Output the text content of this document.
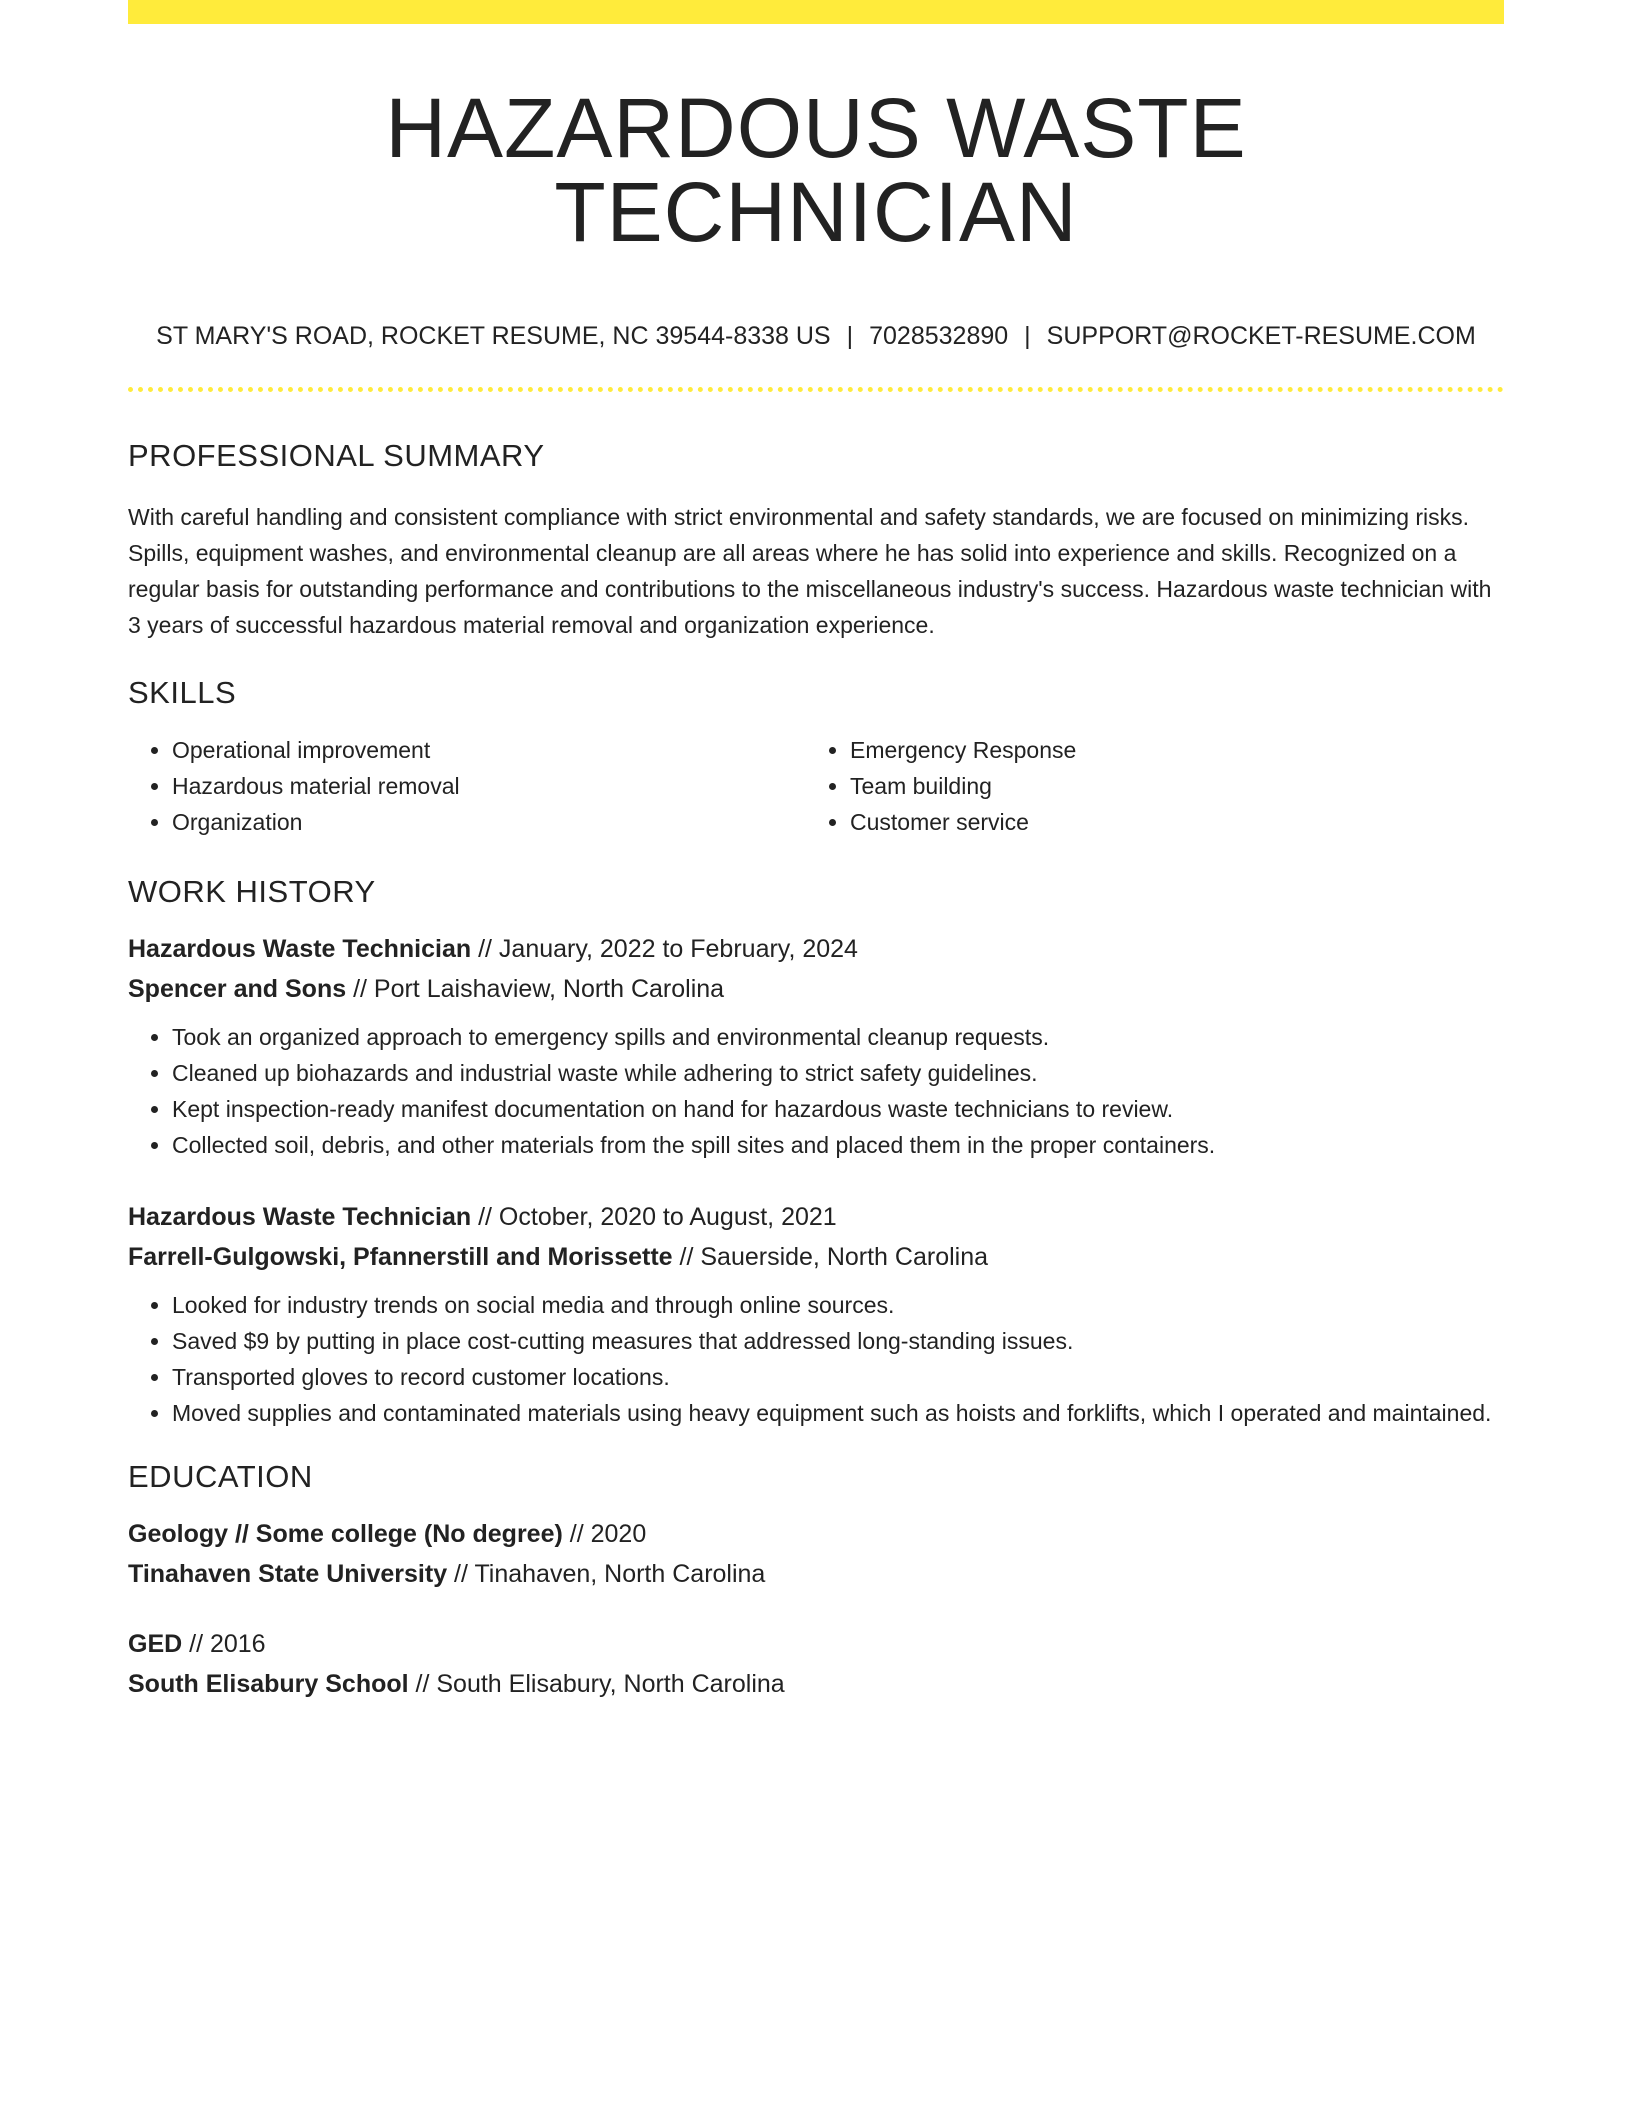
HAZARDOUS WASTE TECHNICIAN
ST MARY'S ROAD, ROCKET RESUME, NC 39544-8338 US | 7028532890 | SUPPORT@ROCKET-RESUME.COM
PROFESSIONAL SUMMARY

With careful handling and consistent compliance with strict environmental and safety standards, we are focused on minimizing risks. Spills, equipment washes, and environmental cleanup are all areas where he has solid into experience and skills. Recognized on a regular basis for outstanding performance and contributions to the miscellaneous industry's success. Hazardous waste technician with 3 years of successful hazardous material removal and organization experience.

SKILLS
• Operational improvement
• Hazardous material removal
• Organization
• Emergency Response
• Team building
• Customer service
WORK HISTORY
Hazardous Waste Technician // January, 2022 to February, 2024
Spencer and Sons // Port Laishaview, North Carolina
• Took an organized approach to emergency spills and environmental cleanup requests.
• Cleaned up biohazards and industrial waste while adhering to strict safety guidelines.
• Kept inspection-ready manifest documentation on hand for hazardous waste technicians to review.
• Collected soil, debris, and other materials from the spill sites and placed them in the proper containers.
Hazardous Waste Technician // October, 2020 to August, 2021
Farrell-Gulgowski, Pfannerstill and Morissette // Sauerside, North Carolina
• Looked for industry trends on social media and through online sources.
• Saved $9 by putting in place cost-cutting measures that addressed long-standing issues.
• Transported gloves to record customer locations.
• Moved supplies and contaminated materials using heavy equipment such as hoists and forklifts, which I operated and maintained.
EDUCATION
Geology // Some college (No degree) // 2020
Tinahaven State University // Tinahaven, North Carolina
GED // 2016
South Elisabury School // South Elisabury, North Carolina
